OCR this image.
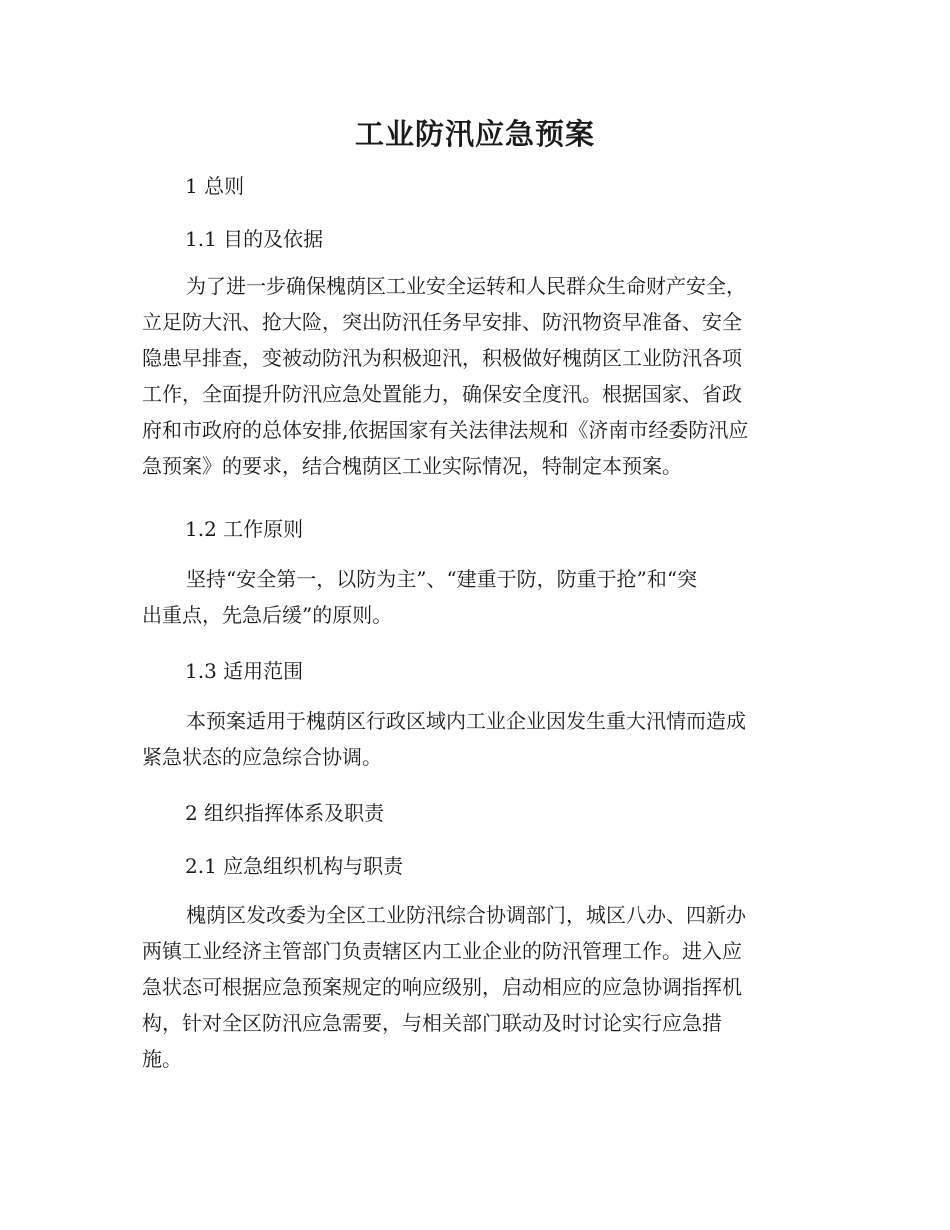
工业防汛应急预案

1 总则

1.1 目的及依据

为了进一步确保槐荫区工业安全运转和人民群众生命财产安全，
立足防大汛、抢大险，突出防汛任务早安排、防汛物资早准备、安全
隐患早排查，变被动防汛为积极迎汛，积极做好槐荫区工业防汛各项
工作，全面提升防汛应急处置能力，确保安全度汛。根据国家、省政
府和市政府的总体安排,依据国家有关法律法规和《济南市经委防汛应
急预案》的要求，结合槐荫区工业实际情况，特制定本预案。

1.2 工作原则

坚持“安全第一，以防为主”、“建重于防，防重于抢”和“突
出重点，先急后缓”的原则。

1.3 适用范围

本预案适用于槐荫区行政区域内工业企业因发生重大汛情而造成
紧急状态的应急综合协调。

2 组织指挥体系及职责

2.1 应急组织机构与职责

槐荫区发改委为全区工业防汛综合协调部门，城区八办、四新办
两镇工业经济主管部门负责辖区内工业企业的防汛管理工作。进入应
急状态可根据应急预案规定的响应级别，启动相应的应急协调指挥机
构，针对全区防汛应急需要，与相关部门联动及时讨论实行应急措
施。
